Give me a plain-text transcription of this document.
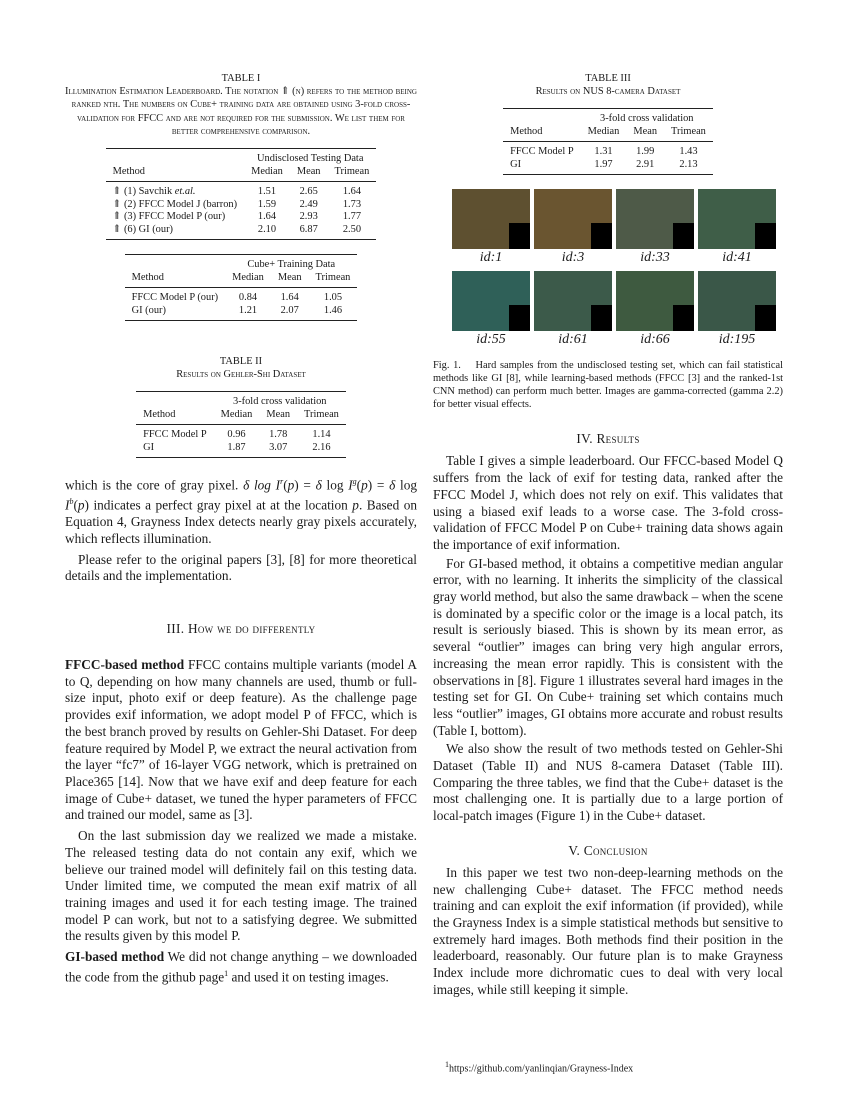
TABLE I
Illumination Estimation Leaderboard. The notation ⇑ (n) refers to the method being ranked nth. The numbers on Cube+ training data are obtained using 3-fold cross-validation for FFCC and are not required for the submission. We list them for better comprehensive comparison.
	Undisclosed Testing Data		
Method	Median	Mean	Trimean
⇑ (1) Savchik et.al.	1.51	2.65	1.64
⇑ (2) FFCC Model J (barron)	1.59	2.49	1.73
⇑ (3) FFCC Model P (our)	1.64	2.93	1.77
⇑ (6) GI (our)	2.10	6.87	2.50
	Cube+ Training Data		
Method	Median	Mean	Trimean
FFCC Model P (our)	0.84	1.64	1.05
GI (our)	1.21	2.07	1.46
TABLE II
Results on Gehler-Shi Dataset
	3-fold cross validation		
Method	Median	Mean	Trimean
FFCC Model P	0.96	1.78	1.14
GI	1.87	3.07	2.16

which is the core of gray pixel. δ $\log I^r(p) = \delta$ $\log I^g(p) = \delta$ $\log I^b(p)$ indicates a perfect gray pixel at at the location p. Based on Equation 4, Grayness Index detects nearly gray pixels accurately, which reflects illumination.

Please refer to the original papers [3], [8] for more theoretical details and the implementation.

III. How we do differently

FFCC-based method FFCC contains multiple variants (model A to Q, depending on how many channels are used, thumb or full-size input, photo exif or deep feature). As the challenge page provides exif information, we adopt model P of FFCC, which is the best branch proved by results on Gehler-Shi Dataset. For deep feature required by Model P, we extract the neural activation from the layer “fc7” of 16-layer VGG network, which is pretrained on Place365 [14]. Now that we have exif and deep feature for each image of Cube+ dataset, we tuned the hyper parameters of FFCC and trained our model, same as [3].

On the last submission day we realized we made a mistake. The released testing data do not contain any exif, which we believe our trained model will definitely fail on this testing data. Under limited time, we computed the mean exif matrix of all training images and used it for each testing image. The trained model P can work, but not to a satisfying degree. We submitted the results given by this model P.

GI-based method We did not change anything – we downloaded the code from the github page$^1$ and used it on testing images.

TABLE III
Results on NUS 8-camera Dataset
	3-fold cross validation		
Method	Median	Mean	Trimean
FFCC Model P	1.31	1.99	1.43
GI	1.97	2.91	2.13
id:1	id:3	id:33	id:41
id:55	id:61	id:66	id:195
Fig. 1. Hard samples from the undisclosed testing set, which can fail statistical methods like GI [8], while learning-based methods (FFCC [3] and the ranked-1st CNN method) can perform much better. Images are gamma-corrected (gamma 2.2) for better visual effects.
IV. Results

Table I gives a simple leaderboard. Our FFCC-based Model Q suffers from the lack of exif for testing data, ranked after the FFCC Model J, which does not rely on exif. This validates that using a biased exif leads to a worse case. The 3-fold cross-validation of FFCC Model P on Cube+ training data shows again the importance of exif information.

For GI-based method, it obtains a competitive median angular error, with no learning. It inherits the simplicity of the classical gray world method, but also the same drawback – when the scene is dominated by a specific color or the image is a local patch, its result is seriously biased. This is shown by its mean error, as several “outlier” images can bring very high angular errors, increasing the mean error rapidly. This is consistent with the observations in [8]. Figure 1 illustrates several hard images in the testing set for GI. On Cube+ training set which contains much less “outlier” images, GI obtains more accurate and robust results (Table I, bottom).

We also show the result of two methods tested on Gehler-Shi Dataset (Table II) and NUS 8-camera Dataset (Table III). Comparing the three tables, we find that the Cube+ dataset is the most challenging one. It is partially due to a large portion of local-patch images (Figure 1) in the Cube+ dataset.

V. Conclusion

In this paper we test two non-deep-learning methods on the new challenging Cube+ dataset. The FFCC method needs training and can exploit the exif information (if provided), while the Grayness Index is a simple statistical methods but sensitive to extremely hard images. Both methods find their position in the leaderboard, reasonably. Our future plan is to make Grayness Index include more dichromatic cues to deal with very local images, while still keeping it simple.

$^1$https://github.com/yanlinqian/Grayness-Index
